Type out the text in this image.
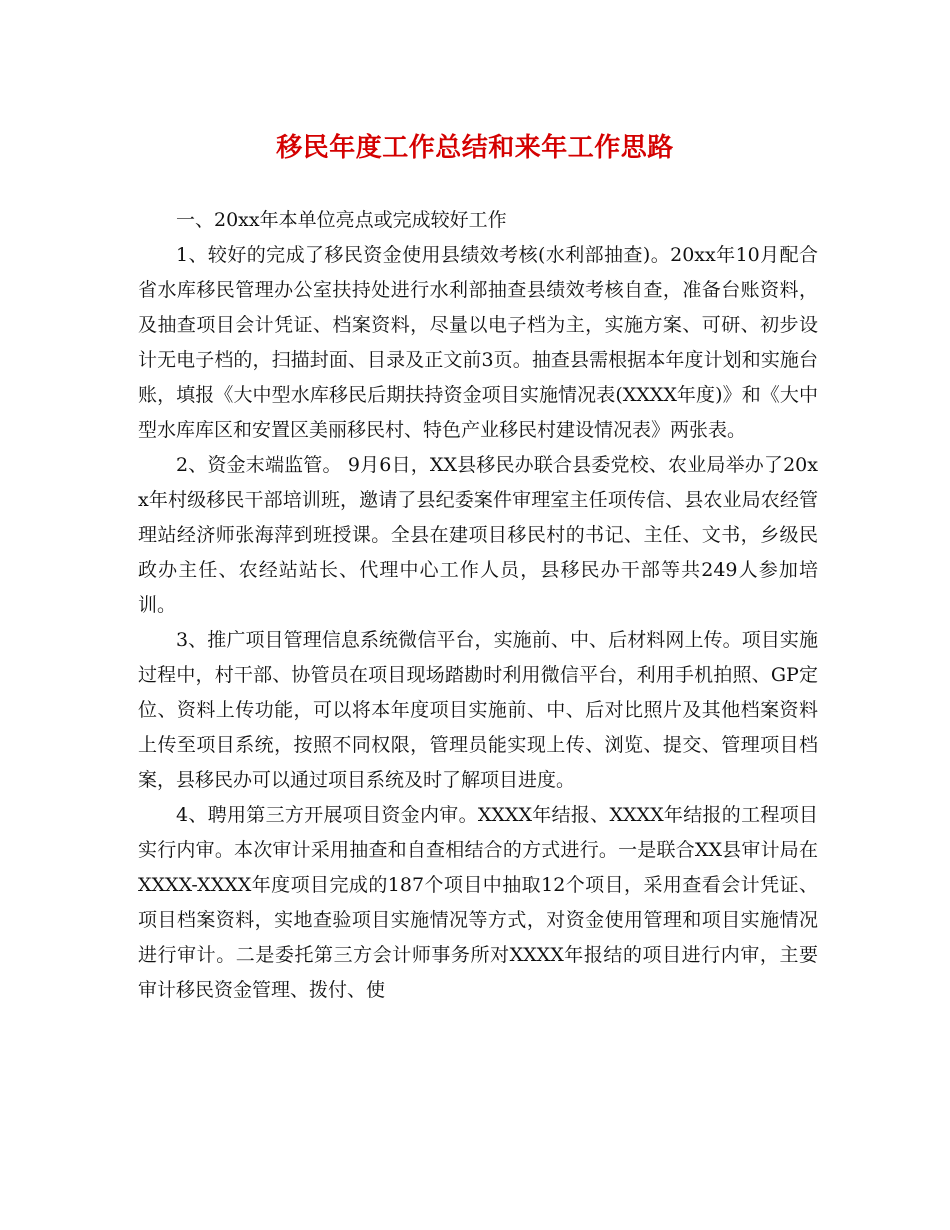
移民年度工作总结和来年工作思路

一、20xx年本单位亮点或完成较好工作

1、较好的完成了移民资金使用县绩效考核(水利部抽查)。20xx年10月配合省水库移民管理办公室扶持处进行水利部抽查县绩效考核自查，准备台账资料，及抽查项目会计凭证、档案资料，尽量以电子档为主，实施方案、可研、初步设计无电子档的，扫描封面、目录及正文前3页。抽查县需根据本年度计划和实施台账，填报《大中型水库移民后期扶持资金项目实施情况表(XXXX年度)》和《大中型水库库区和安置区美丽移民村、特色产业移民村建设情况表》两张表。

2、资金末端监管。 9月6日，XX县移民办联合县委党校、农业局举办了20xx年村级移民干部培训班，邀请了县纪委案件审理室主任项传信、县农业局农经管理站经济师张海萍到班授课。全县在建项目移民村的书记、主任、文书，乡级民政办主任、农经站站长、代理中心工作人员，县移民办干部等共249人参加培训。

3、推广项目管理信息系统微信平台，实施前、中、后材料网上传。项目实施过程中，村干部、协管员在项目现场踏勘时利用微信平台，利用手机拍照、GP定位、资料上传功能，可以将本年度项目实施前、中、后对比照片及其他档案资料上传至项目系统，按照不同权限，管理员能实现上传、浏览、提交、管理项目档案，县移民办可以通过项目系统及时了解项目进度。

4、聘用第三方开展项目资金内审。XXXX年结报、XXXX年结报的工程项目实行内审。本次审计采用抽查和自查相结合的方式进行。一是联合XX县审计局在XXXX-XXXX年度项目完成的187个项目中抽取12个项目，采用查看会计凭证、项目档案资料，实地查验项目实施情况等方式，对资金使用管理和项目实施情况进行审计。二是委托第三方会计师事务所对XXXX年报结的项目进行内审，主要审计移民资金管理、拨付、使
